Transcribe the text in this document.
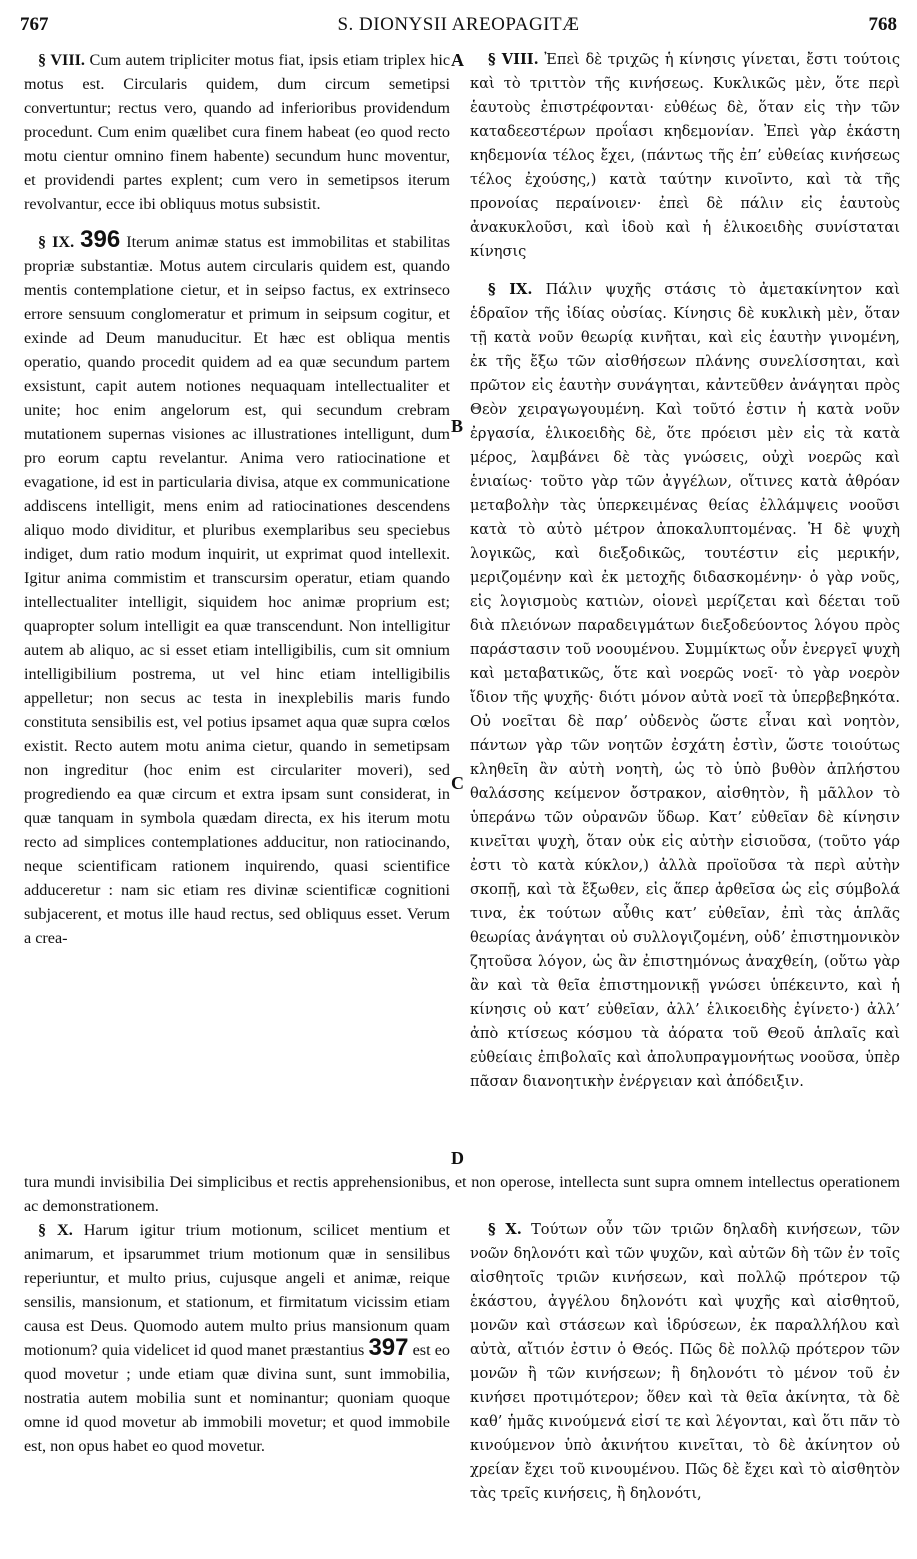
767	S. DIONYSII AREOPAGITÆ	768

§ VIII. Cum autem tripliciter motus fiat, ipsis etiam triplex hic motus est. Circularis quidem, dum circum semetipsi convertuntur; rectus vero, quando ad inferioribus providendum procedunt. Cum enim quælibet cura finem habeat (eo quod recto motu cientur omnino finem habente) secundum hunc moventur, et providendi partes explent; cum vero in semetipsos iterum revolvantur, ecce ibi obliquus motus subsistit.

§ IX. 396 Iterum animæ status est immobilitas et stabilitas propriæ substantiæ. Motus autem circularis quidem est, quando mentis contemplatione cietur, et in seipso factus, ex extrinseco errore sensuum conglomeratur et primum in seipsum cogitur, et exinde ad Deum manuducitur. Et hæc est obliqua mentis operatio, quando procedit quidem ad ea quæ secundum partem exsistunt, capit autem notiones nequaquam intellectualiter et unite; hoc enim angelorum est, qui secundum crebram mutationem supernas visiones ac illustrationes intelligunt, dum pro eorum captu revelantur. Anima vero ratiocinatione et evagatione, id est in particularia divisa, atque ex communicatione addiscens intelligit, mens enim ad ratiocinationes descendens aliquo modo dividitur, et pluribus exemplaribus seu speciebus indiget, dum ratio modum inquirit, ut exprimat quod intellexit. Igitur anima commistim et transcursim operatur, etiam quando intellectualiter intelligit, siquidem hoc animæ proprium est; quapropter solum intelligit ea quæ transcendunt. Non intelligitur autem ab aliquo, ac si esset etiam intelligibilis, cum sit omnium intelligibilium postrema, ut vel hinc etiam intelligibilis appelletur; non secus ac testa in inexplebilis maris fundo constituta sensibilis est, vel potius ipsamet aqua quæ supra cœlos existit. Recto autem motu anima cietur, quando in semetipsam non ingreditur (hoc enim est circulariter moveri), sed progrediendo ea quæ circum et extra ipsam sunt considerat, in quæ tanquam in symbola quædam directa, ex his iterum motu recto ad simplices contemplationes adducitur, non ratiocinando, neque scientificam rationem inquirendo, quasi scientifice adduceretur : nam sic etiam res divinæ scientificæ cognitioni subjacerent, et motus ille haud rectus, sed obliquus esset. Verum a crea-

§ VIII. Ἐπεὶ δὲ τριχῶς ἡ κίνησις γίνεται, ἔστι τούτοις καὶ τὸ τριττὸν τῆς κινήσεως. Κυκλικῶς μὲν, ὅτε περὶ ἑαυτοὺς ἐπιστρέφονται· εὐθέως δὲ, ὅταν εἰς τὴν τῶν καταδεεστέρων προΐασι κηδεμονίαν. Ἐπεὶ γὰρ ἑκάστη κηδεμονία τέλος ἔχει, (πάντως τῆς ἐπ’ εὐθείας κινήσεως τέλος ἐχούσης,) κατὰ ταύτην κινοῖντο, καὶ τὰ τῆς προνοίας περαίνοιεν· ἐπεὶ δὲ πάλιν εἰς ἑαυτοὺς ἀνακυκλοῦσι, καὶ ἰδοὺ καὶ ἡ ἑλικοειδὴς συνίσταται κίνησις

§ IX. Πάλιν ψυχῆς στάσις τὸ ἀμετακίνητον καὶ ἑδραῖον τῆς ἰδίας οὐσίας. Κίνησις δὲ κυκλικὴ μὲν, ὅταν τῇ κατὰ νοῦν θεωρίᾳ κινῆται, καὶ εἰς ἑαυτὴν γινομένη, ἐκ τῆς ἔξω τῶν αἰσθήσεων πλάνης συνελίσσηται, καὶ πρῶτον εἰς ἑαυτὴν συνάγηται, κἀντεῦθεν ἀνάγηται πρὸς Θεὸν χειραγωγουμένη. Καὶ τοῦτό ἐστιν ἡ κατὰ νοῦν ἐργασία, ἑλικοειδὴς δὲ, ὅτε πρόεισι μὲν εἰς τὰ κατὰ μέρος, λαμβάνει δὲ τὰς γνώσεις, οὐχὶ νοερῶς καὶ ἑνιαίως· τοῦτο γὰρ τῶν ἀγγέλων, οἵτινες κατὰ ἀθρόαν μεταβολὴν τὰς ὑπερκειμένας θείας ἐλλάμψεις νοοῦσι κατὰ τὸ αὐτὸ μέτρον ἀποκαλυπτομένας. Ἡ δὲ ψυχὴ λογικῶς, καὶ διεξοδικῶς, τουτέστιν εἰς μερικήν, μεριζομένην καὶ ἐκ μετοχῆς διδασκομένην· ὁ γὰρ νοῦς, εἰς λογισμοὺς κατιὼν, οἱονεὶ μερίζεται καὶ δέεται τοῦ διὰ πλειόνων παραδειγμάτων διεξοδεύοντος λόγου πρὸς παράστασιν τοῦ νοουμένου. Συμμίκτως οὖν ἐνεργεῖ ψυχὴ καὶ μεταβατικῶς, ὅτε καὶ νοερῶς νοεῖ· τὸ γὰρ νοερὸν ἴδιον τῆς ψυχῆς· διότι μόνον αὐτὰ νοεῖ τὰ ὑπερβεβηκότα. Οὐ νοεῖται δὲ παρ’ οὐδενὸς ὥστε εἶναι καὶ νοητὸν, πάντων γὰρ τῶν νοητῶν ἐσχάτη ἐστὶν, ὥστε τοιούτως κληθεῖη ἂν αὐτὴ νοητὴ, ὡς τὸ ὑπὸ βυθὸν ἀπλήστου θαλάσσης κείμενον ὄστρακον, αἰσθητὸν, ἢ μᾶλλον τὸ ὑπεράνω τῶν οὐρανῶν ὕδωρ. Κατ’ εὐθεῖαν δὲ κίνησιν κινεῖται ψυχὴ, ὅταν οὐκ εἰς αὐτὴν εἰσιοῦσα, (τοῦτο γάρ ἐστι τὸ κατὰ κύκλον,) ἀλλὰ προϊοῦσα τὰ περὶ αὐτὴν σκοπῇ, καὶ τὰ ἔξωθεν, εἰς ἅπερ ἀρθεῖσα ὡς εἰς σύμβολά τινα, ἐκ τούτων αὖθις κατ’ εὐθεῖαν, ἐπὶ τὰς ἁπλᾶς θεωρίας ἀνάγηται οὐ συλλογιζομένη, οὐδ’ ἐπιστημονικὸν ζητοῦσα λόγον, ὡς ἂν ἐπιστημόνως ἀναχθείη, (οὕτω γὰρ ἂν καὶ τὰ θεῖα ἐπιστημονικῇ γνώσει ὑπέκειντο, καὶ ἡ κίνησις οὐ κατ’ εὐθεῖαν, ἀλλ’ ἑλικοειδὴς ἐγίνετο·) ἀλλ’ ἀπὸ κτίσεως κόσμου τὰ ἀόρατα τοῦ Θεοῦ ἁπλαῖς καὶ εὐθείαις ἐπιβολαῖς καὶ ἀπολυπραγμονήτως νοοῦσα, ὑπὲρ πᾶσαν διανοητικὴν ἐνέργειαν καὶ ἀπόδειξιν.

A
B
C
D
tura mundi invisibilia Dei simplicibus et rectis apprehensionibus, et non operose, intellecta sunt supra omnem intellectus operationem ac demonstrationem.

§ X. Harum igitur trium motionum, scilicet mentium et animarum, et ipsarummet trium motionum quæ in sensilibus reperiuntur, et multo prius, cujusque angeli et animæ, reique sensilis, mansionum, et stationum, et firmitatum vicissim etiam causa est Deus. Quomodo autem multo prius mansionum quam motionum? quia videlicet id quod manet præstantius 397 est eo quod movetur ; unde etiam quæ divina sunt, sunt immobilia, nostratia autem mobilia sunt et nominantur; quoniam quoque omne id quod movetur ab immobili movetur; et quod immobile est, non opus habet eo quod movetur.

§ X. Τούτων οὖν τῶν τριῶν δηλαδὴ κινήσεων, τῶν νοῶν δηλονότι καὶ τῶν ψυχῶν, καὶ αὐτῶν δὴ τῶν ἐν τοῖς αἰσθητοῖς τριῶν κινήσεων, καὶ πολλῷ πρότερον τῷ ἑκάστου, ἀγγέλου δηλονότι καὶ ψυχῆς καὶ αἰσθητοῦ, μονῶν καὶ στάσεων καὶ ἱδρύσεων, ἐκ παραλλήλου καὶ αὐτὰ, αἴτιόν ἐστιν ὁ Θεός. Πῶς δὲ πολλῷ πρότερον τῶν μονῶν ἢ τῶν κινήσεων; ἢ δηλονότι τὸ μένον τοῦ ἐν κινήσει προτιμότερον; ὅθεν καὶ τὰ θεῖα ἀκίνητα, τὰ δὲ καθ’ ἡμᾶς κινούμενά εἰσί τε καὶ λέγονται, καὶ ὅτι πᾶν τὸ κινούμενον ὑπὸ ἀκινήτου κινεῖται, τὸ δὲ ἀκίνητον οὐ χρείαν ἔχει τοῦ κινουμένου. Πῶς δὲ ἔχει καὶ τὸ αἰσθητὸν τὰς τρεῖς κινήσεις, ἢ δηλονότι,
